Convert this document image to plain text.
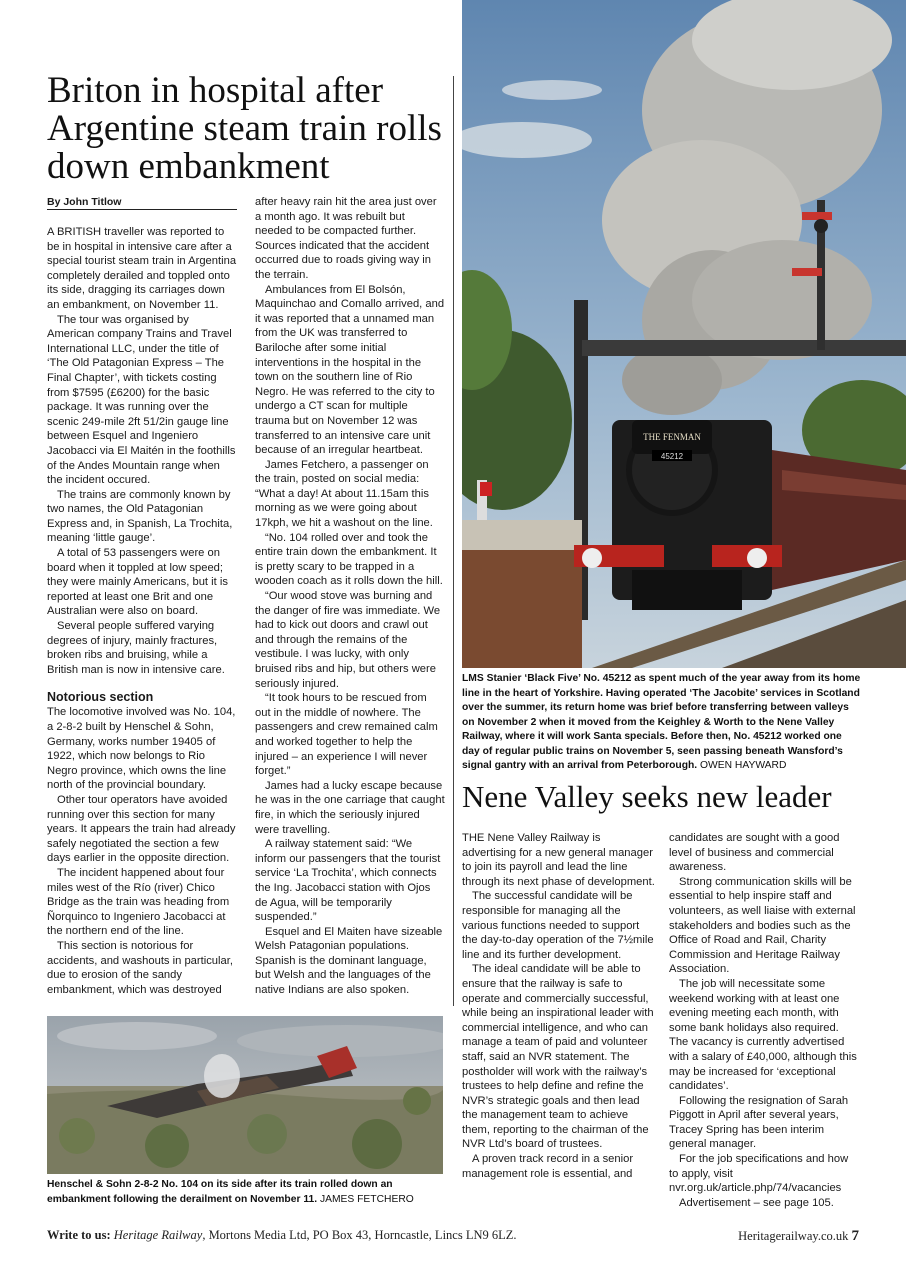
Briton in hospital after Argentine steam train rolls down embankment
By John Titlow

A BRITISH traveller was reported to be in hospital in intensive care after a special tourist steam train in Argentina completely derailed and toppled onto its side, dragging its carriages down an embankment, on November 11.

The tour was organised by American company Trains and Travel International LLC, under the title of ‘The Old Patagonian Express – The Final Chapter’, with tickets costing from $7595 (£6200) for the basic package. It was running over the scenic 249-mile 2ft 51/2in gauge line between Esquel and Ingeniero Jacobacci via El Maitén in the foothills of the Andes Mountain range when the incident occured.

The trains are commonly known by two names, the Old Patagonian Express and, in Spanish, La Trochita, meaning ‘little gauge’.

A total of 53 passengers were on board when it toppled at low speed; they were mainly Americans, but it is reported at least one Brit and one Australian were also on board.

Several people suffered varying degrees of injury, mainly fractures, broken ribs and bruising, while a British man is now in intensive care.

Notorious section

The locomotive involved was No. 104, a 2-8-2 built by Henschel & Sohn, Germany, works number 19405 of 1922, which now belongs to Rio Negro province, which owns the line north of the provincial boundary.

Other tour operators have avoided running over this section for many years. It appears the train had already safely negotiated the section a few days earlier in the opposite direction.

The incident happened about four miles west of the Río (river) Chico Bridge as the train was heading from Ñorquinco to Ingeniero Jacobacci at the northern end of the line.

This section is notorious for accidents, and washouts in particular, due to erosion of the sandy embankment, which was destroyed

after heavy rain hit the area just over a month ago. It was rebuilt but needed to be compacted further. Sources indicated that the accident occurred due to roads giving way in the terrain.

Ambulances from El Bolsón, Maquinchao and Comallo arrived, and it was reported that a unnamed man from the UK was transferred to Bariloche after some initial interventions in the hospital in the town on the southern line of Rio Negro. He was referred to the city to undergo a CT scan for multiple trauma but on November 12 was transferred to an intensive care unit because of an irregular heartbeat.

James Fetchero, a passenger on the train, posted on social media: “What a day! At about 11.15am this morning as we were going about 17kph, we hit a washout on the line.

“No. 104 rolled over and took the entire train down the embankment. It is pretty scary to be trapped in a wooden coach as it rolls down the hill.

“Our wood stove was burning and the danger of fire was immediate. We had to kick out doors and crawl out and through the remains of the vestibule. I was lucky, with only bruised ribs and hip, but others were seriously injured.

“It took hours to be rescued from out in the middle of nowhere. The passengers and crew remained calm and worked together to help the injured – an experience I will never forget.”

James had a lucky escape because he was in the one carriage that caught fire, in which the seriously injured were travelling.

A railway statement said: “We inform our passengers that the tourist service ‘La Trochita’, which connects the Ing. Jacobacci station with Ojos de Agua, will be temporarily suspended.”

Esquel and El Maiten have sizeable Welsh Patagonian populations. Spanish is the dominant language, but Welsh and the languages of the native Indians are also spoken.

Henschel & Sohn 2-8-2 No. 104 on its side after its train rolled down an embankment following the derailment on November 11. JAMES FETCHERO
THE FENMAN
45212
LMS Stanier ‘Black Five’ No. 45212 as spent much of the year away from its home line in the heart of Yorkshire. Having operated ‘The Jacobite’ services in Scotland over the summer, its return home was brief before transferring between valleys on November 2 when it moved from the Keighley & Worth to the Nene Valley Railway, where it will work Santa specials. Before then, No. 45212 worked one day of regular public trains on November 5, seen passing beneath Wansford’s signal gantry with an arrival from Peterborough. OWEN HAYWARD
Nene Valley seeks new leader

THE Nene Valley Railway is advertising for a new general manager to join its payroll and lead the line through its next phase of development.

The successful candidate will be responsible for managing all the various functions needed to support the day-to-day operation of the 7½mile line and its further development.

The ideal candidate will be able to ensure that the railway is safe to operate and commercially successful, while being an inspirational leader with commercial intelligence, and who can manage a team of paid and volunteer staff, said an NVR statement. The postholder will work with the railway’s trustees to help define and refine the NVR’s strategic goals and then lead the management team to achieve them, reporting to the chairman of the NVR Ltd’s board of trustees.

A proven track record in a senior management role is essential, and

candidates are sought with a good level of business and commercial awareness.

Strong communication skills will be essential to help inspire staff and volunteers, as well liaise with external stakeholders and bodies such as the Office of Road and Rail, Charity Commission and Heritage Railway Association.

The job will necessitate some weekend working with at least one evening meeting each month, with some bank holidays also required. The vacancy is currently advertised with a salary of £40,000, although this may be increased for ‘exceptional candidates’.

Following the resignation of Sarah Piggott in April after several years, Tracey Spring has been interim general manager.

For the job specifications and how to apply, visit nvr.org.uk/article.php/74/vacancies

Advertisement – see page 105.

Write to us: Heritage Railway, Mortons Media Ltd, PO Box 43, Horncastle, Lincs LN9 6LZ.	Heritagerailway.co.uk 7
